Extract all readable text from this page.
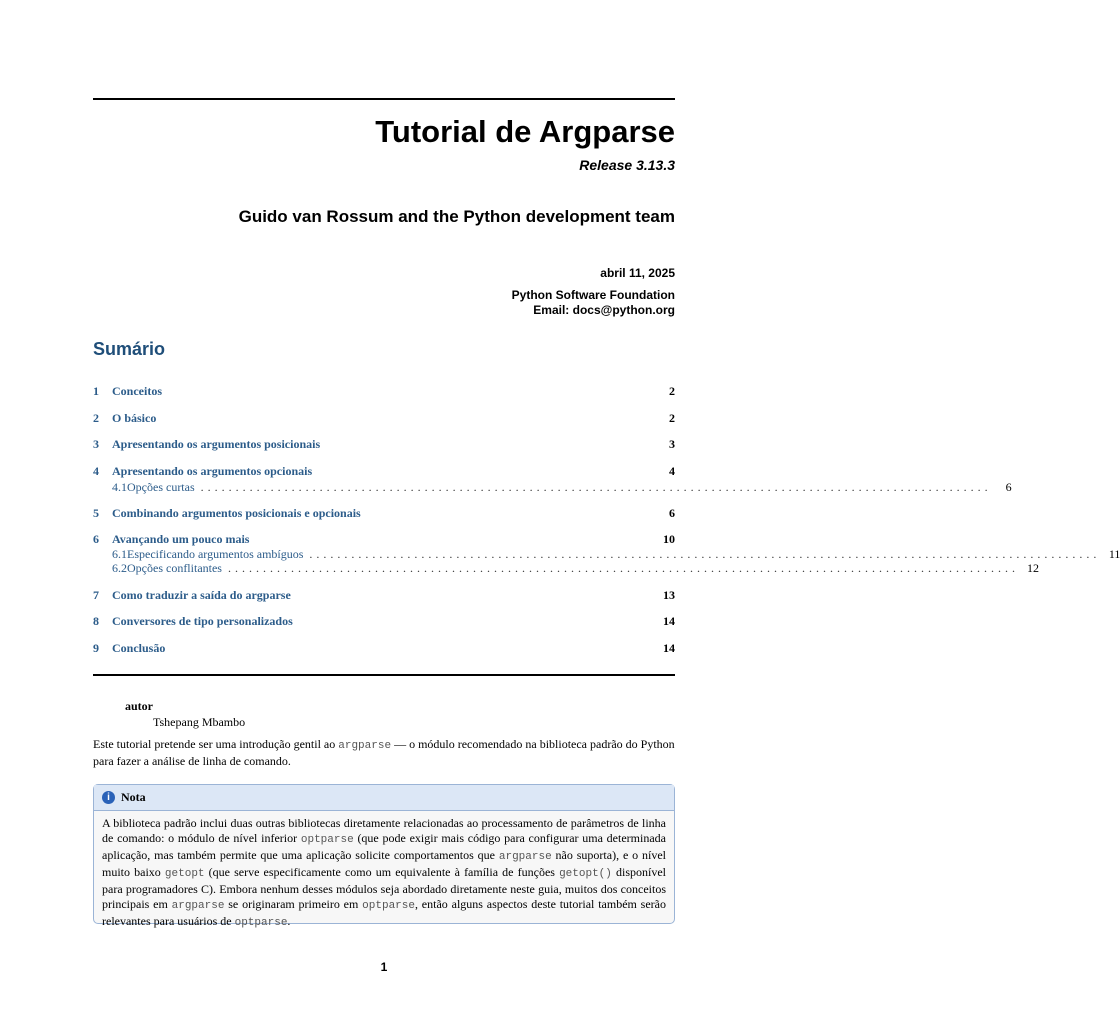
Tutorial de Argparse
Release 3.13.3
Guido van Rossum and the Python development team
abril 11, 2025
Python Software Foundation
Email: docs@python.org
Sumário
1	Conceitos	2
2	O básico	2
3	Apresentando os argumentos posicionais	3
4	Apresentando os argumentos opcionais	4
4.1 Opções curtas .................................................................................................................	6
5	Combinando argumentos posicionais e opcionais	6
6	Avançando um pouco mais	10
6.1 Especificando argumentos ambíguos ................................................................................................................. 11
6.2 Opções conflitantes ................................................................................................................. 12
7	Como traduzir a saída do argparse	13
8	Conversores de tipo personalizados	14
9	Conclusão	14
autor
Tshepang Mbambo
Este tutorial pretende ser uma introdução gentil ao argparse — o módulo recomendado na biblioteca padrão do Python para fazer a análise de linha de comando.
i Nota
A biblioteca padrão inclui duas outras bibliotecas diretamente relacionadas ao processamento de parâmetros de linha de comando: o módulo de nível inferior optparse (que pode exigir mais código para configurar uma determinada aplicação, mas também permite que uma aplicação solicite comportamentos que argparse não suporta), e o nível muito baixo getopt (que serve especificamente como um equivalente à família de funções getopt() disponível para programadores C). Embora nenhum desses módulos seja abordado diretamente neste guia, muitos dos conceitos principais em argparse se originaram primeiro em optparse, então alguns aspectos deste tutorial também serão relevantes para usuários de optparse.
1
